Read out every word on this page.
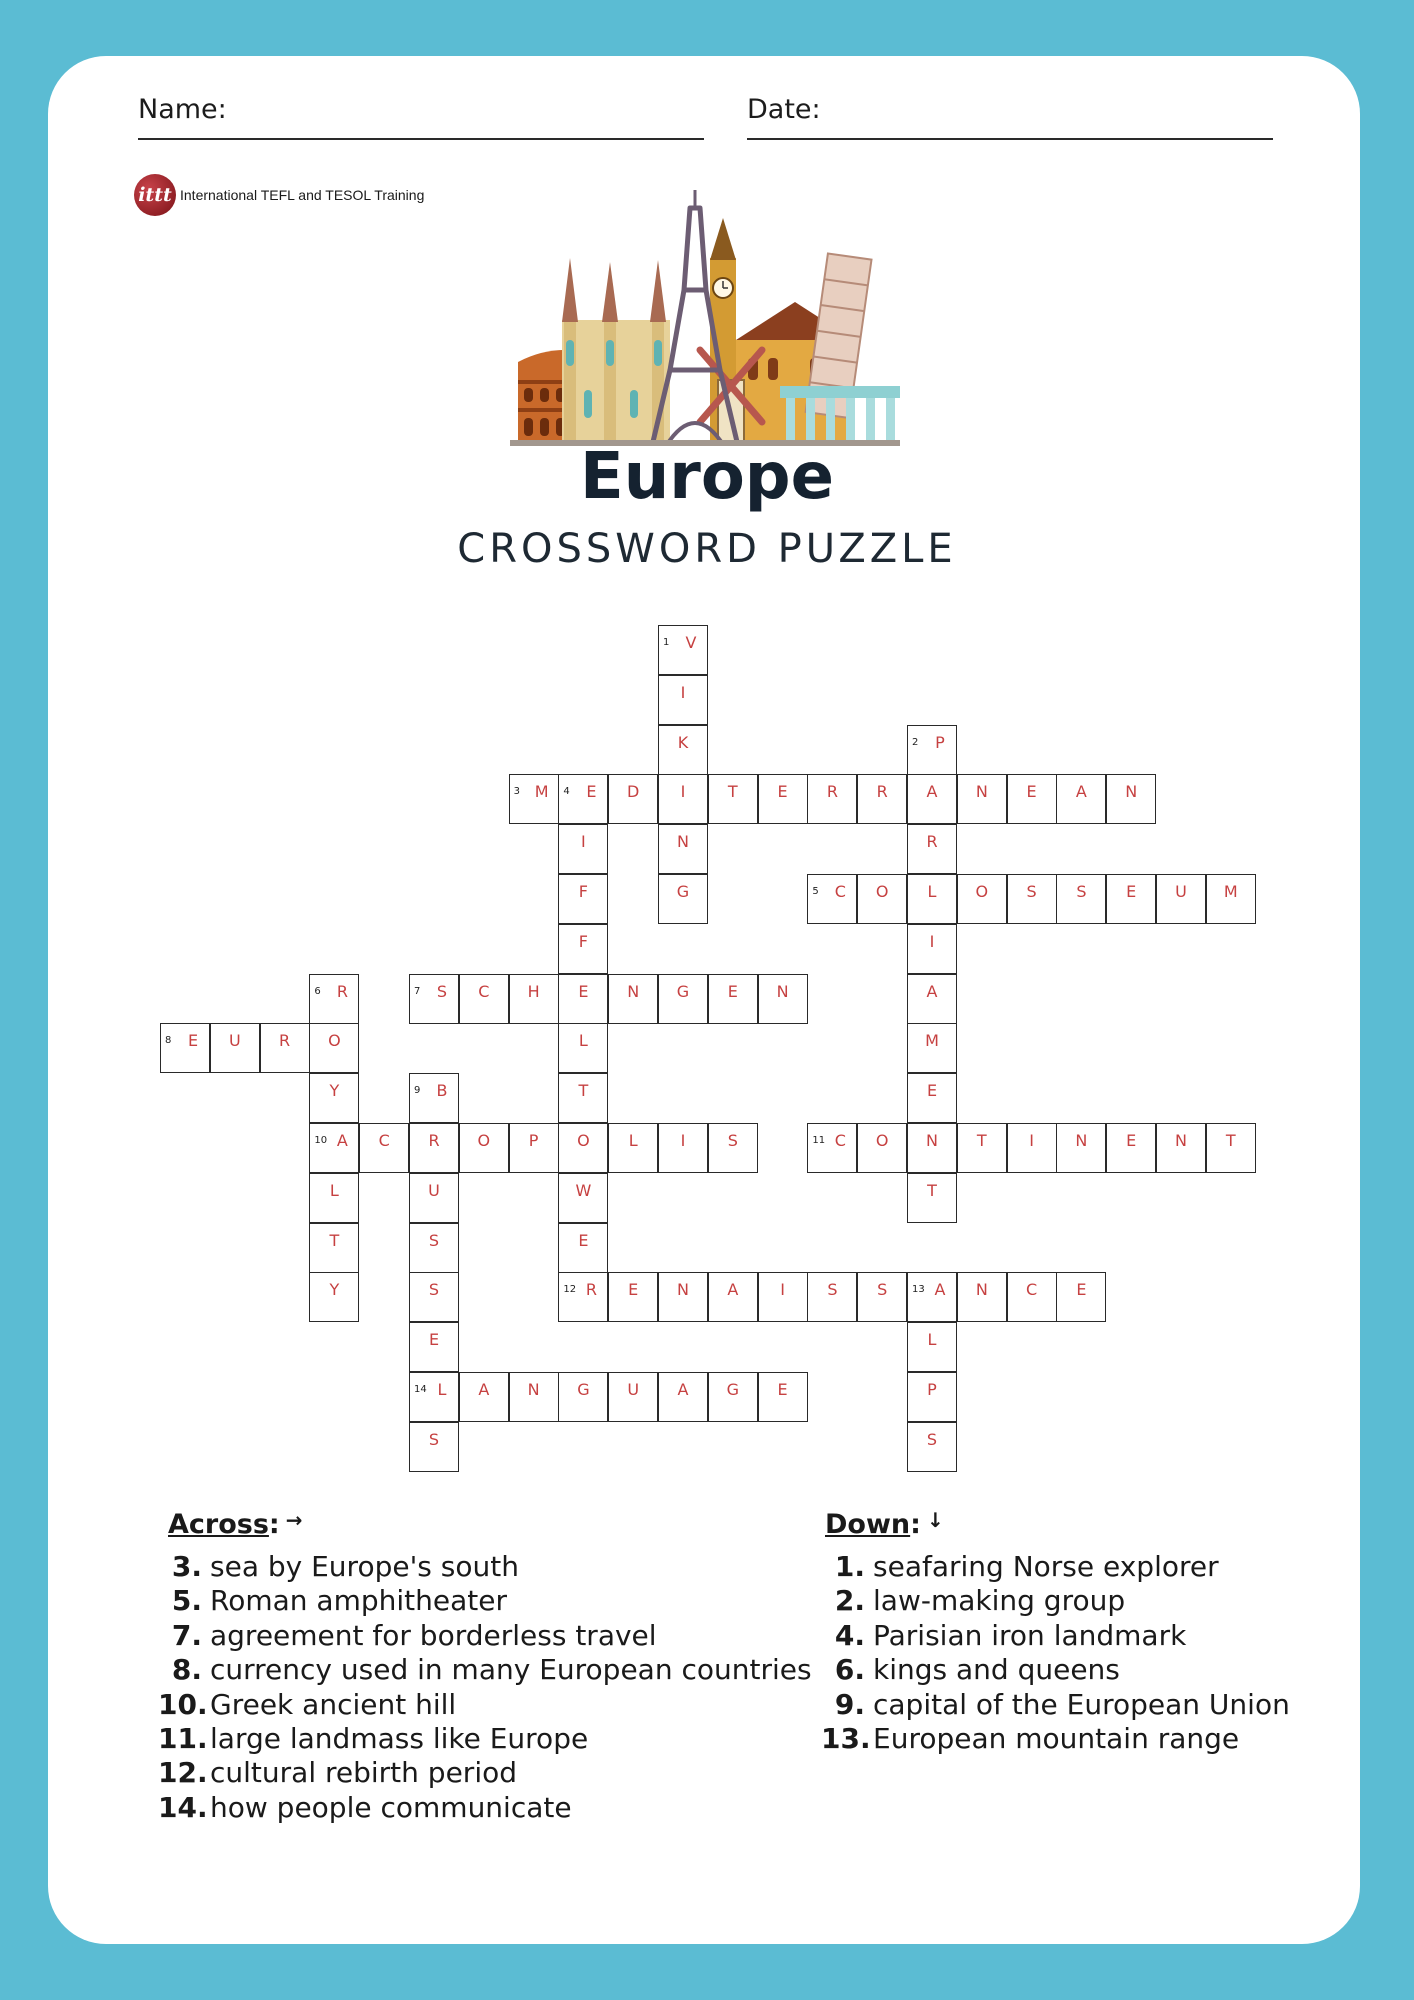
Name:	Date:
ittt International TEFL and TESOL Training
Europe
CROSSWORD PUZZLE
1	V
I
K
I
N
G
2	P
A
R
L
I
A
M
E
N
T
3 M	4	E	D	T	E	R	R	N	E	A	N
I
F
F
E
L
T
O
W
E
12 R
5	C	O	O	S	S	E	U	M
6	R
O
Y
10 A
L
T
Y
7	S	C	H	N	G	E	N
8	E	U	R
9	B
R
U
S
S
E
14 L
S
C	O	P	L	I	S	11 C	O	T	I	N	E	N	T
E	N	A	I	S	S	13 A	N	C	E
L
P
S
A	N	G	U	A	G	E
Across: →
3. sea by Europe's south
5. Roman amphitheater
7. agreement for borderless travel
8. currency used in many European countries
10. Greek ancient hill
11. large landmass like Europe
12. cultural rebirth period
14. how people communicate
Down: ↓
1. seafaring Norse explorer
2. law-making group
4. Parisian iron landmark
6. kings and queens
9. capital of the European Union
13. European mountain range
